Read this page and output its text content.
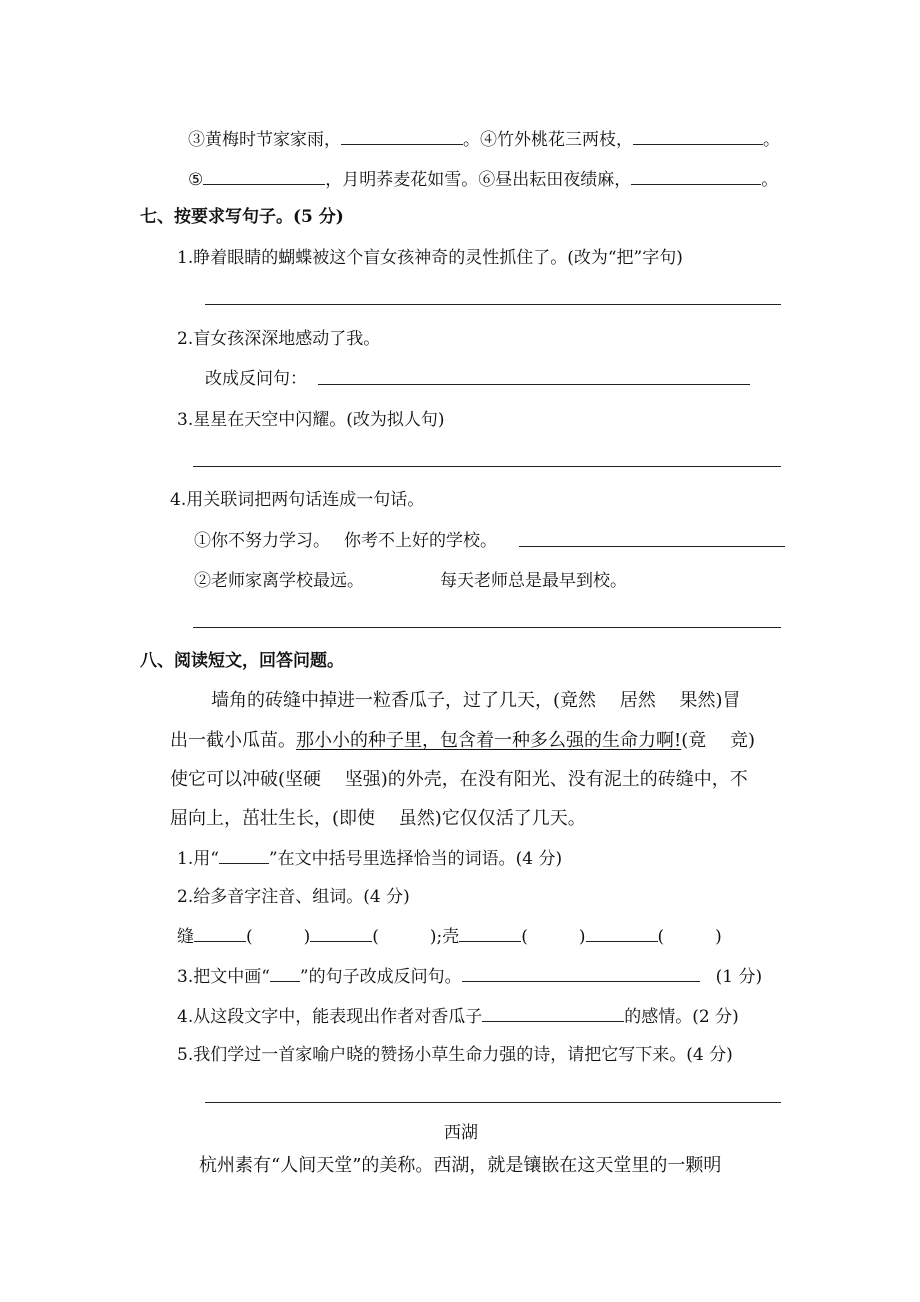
③黄梅时节家家雨，	。④竹外桃花三两枝，	。
⑤	，月明荞麦花如雪。⑥昼出耘田夜绩麻，	。
七、按要求写句子。(5 分)
1.睁着眼睛的蝴蝶被这个盲女孩神奇的灵性抓住了。(改为“把”字句)
2.盲女孩深深地感动了我。
改成反问句：
3.星星在天空中闪耀。(改为拟人句)
4.用关联词把两句话连成一句话。
①你不努力学习。 你考不上好的学校。
②老师家离学校最远。	每天老师总是最早到校。
八、阅读短文，回答问题。
墙角的砖缝中掉进一粒香瓜子，过了几天，(竟然　 居然　 果然)冒
出一截小瓜苗。那小小的种子里，包含着一种多么强的生命力啊!(竟　 竞)
使它可以冲破(坚硬　 坚强)的外壳，在没有阳光、没有泥土的砖缝中，不
屈向上，茁壮生长，(即使　 虽然)它仅仅活了几天。
1.用“	”在文中括号里选择恰当的词语。(4 分)
2.给多音字注音、组词。(4 分)
缝	(　　　)	(　　　);壳	(　　　)	(　　　)
3.把文中画“ ”的句子改成反问句。	(1 分)
4.从这段文字中，能表现出作者对香瓜子	的感情。(2 分)
5.我们学过一首家喻户晓的赞扬小草生命力强的诗，请把它写下来。(4 分)
西湖
杭州素有“人间天堂”的美称。西湖，就是镶嵌在这天堂里的一颗明
